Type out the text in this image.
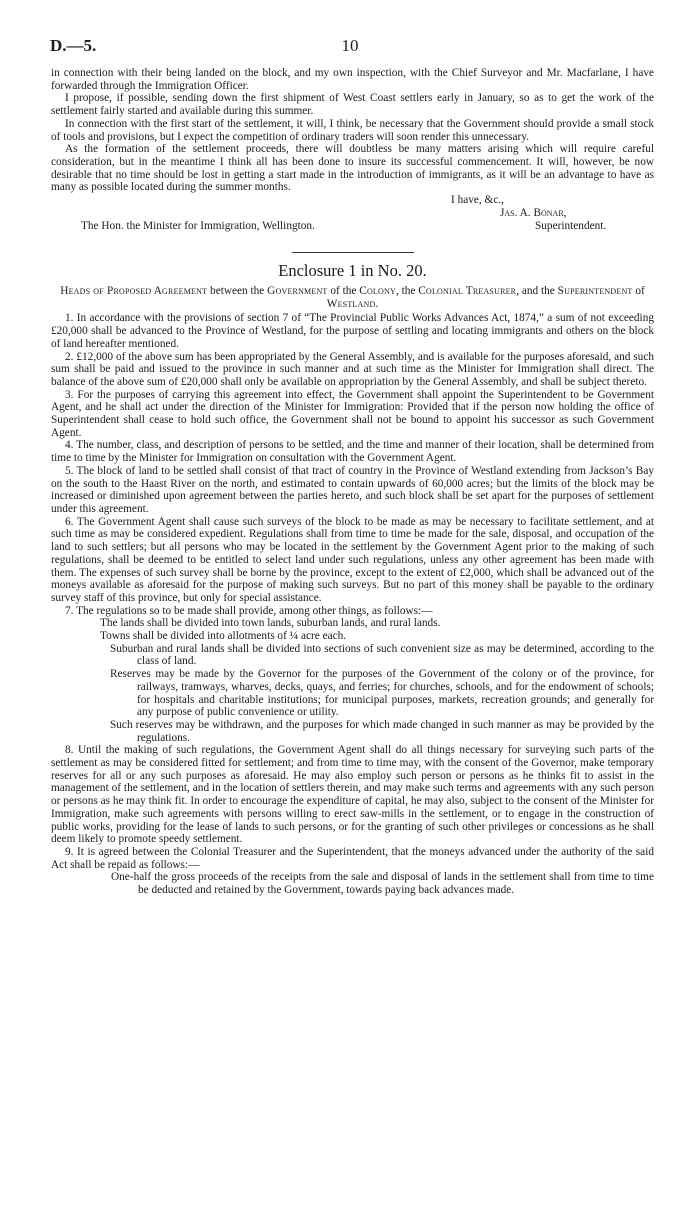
D.—5.	10

in connection with their being landed on the block, and my own inspection, with the Chief Surveyor and Mr. Macfarlane, I have forwarded through the Immigration Officer.

I propose, if possible, sending down the first shipment of West Coast settlers early in January, so as to get the work of the settlement fairly started and available during this summer.

In connection with the first start of the settlement, it will, I think, be necessary that the Government should provide a small stock of tools and provisions, but I expect the competition of ordinary traders will soon render this unnecessary.

As the formation of the settlement proceeds, there will doubtless be many matters arising which will require careful consideration, but in the meantime I think all has been done to insure its successful commencement. It will, however, be now desirable that no time should be lost in getting a start made in the introduction of immigrants, as it will be an advantage to have as many as possible located during the summer months.

I have, &c.,
Jas. A. Bonar,
The Hon. the Minister for Immigration, Wellington.	Superintendent.
Enclosure 1 in No. 20.
Heads of Proposed Agreement between the Government of the Colony, the Colonial Treasurer, and the Superintendent of Westland.

1. In accordance with the provisions of section 7 of “The Provincial Public Works Advances Act, 1874,” a sum of not exceeding £20,000 shall be advanced to the Province of Westland, for the purpose of settling and locating immigrants and others on the block of land hereafter mentioned.

2. £12,000 of the above sum has been appropriated by the General Assembly, and is available for the purposes aforesaid, and such sum shall be paid and issued to the province in such manner and at such time as the Minister for Immigration shall direct. The balance of the above sum of £20,000 shall only be available on appropriation by the General Assembly, and shall be subject thereto.

3. For the purposes of carrying this agreement into effect, the Government shall appoint the Superintendent to be Government Agent, and he shall act under the direction of the Minister for Immigration: Provided that if the person now holding the office of Superintendent shall cease to hold such office, the Government shall not be bound to appoint his successor as such Government Agent.

4. The number, class, and description of persons to be settled, and the time and manner of their location, shall be determined from time to time by the Minister for Immigration on consultation with the Government Agent.

5. The block of land to be settled shall consist of that tract of country in the Province of Westland extending from Jackson’s Bay on the south to the Haast River on the north, and estimated to contain upwards of 60,000 acres; but the limits of the block may be increased or diminished upon agreement between the parties hereto, and such block shall be set apart for the purposes of settlement under this agreement.

6. The Government Agent shall cause such surveys of the block to be made as may be necessary to facilitate settlement, and at such time as may be considered expedient. Regulations shall from time to time be made for the sale, disposal, and occupation of the land to such settlers; but all persons who may be located in the settlement by the Government Agent prior to the making of such regulations, shall be deemed to be entitled to select land under such regulations, unless any other agreement has been made with them. The expenses of such survey shall be borne by the province, except to the extent of £2,000, which shall be advanced out of the moneys available as aforesaid for the purpose of making such surveys. But no part of this money shall be payable to the ordinary survey staff of this province, but only for special assistance.

7. The regulations so to be made shall provide, among other things, as follows:—

The lands shall be divided into town lands, suburban lands, and rural lands.

Towns shall be divided into allotments of ¼ acre each.

Suburban and rural lands shall be divided into sections of such convenient size as may be determined, according to the class of land.

Reserves may be made by the Governor for the purposes of the Government of the colony or of the province, for railways, tramways, wharves, decks, quays, and ferries; for churches, schools, and for the endowment of schools; for hospitals and charitable institutions; for municipal purposes, markets, recreation grounds; and generally for any purpose of public convenience or utility.

Such reserves may be withdrawn, and the purposes for which made changed in such manner as may be provided by the regulations.

8. Until the making of such regulations, the Government Agent shall do all things necessary for surveying such parts of the settlement as may be considered fitted for settlement; and from time to time may, with the consent of the Governor, make temporary reserves for all or any such purposes as aforesaid. He may also employ such person or persons as he thinks fit to assist in the management of the settlement, and in the location of settlers therein, and may make such terms and agreements with any such person or persons as he may think fit. In order to encourage the expenditure of capital, he may also, subject to the consent of the Minister for Immigration, make such agreements with persons willing to erect saw-mills in the settlement, or to engage in the construction of public works, providing for the lease of lands to such persons, or for the granting of such other privileges or concessions as he shall deem likely to promote speedy settlement.

9. It is agreed between the Colonial Treasurer and the Superintendent, that the moneys advanced under the authority of the said Act shall be repaid as follows:—

One-half the gross proceeds of the receipts from the sale and disposal of lands in the settlement shall from time to time be deducted and retained by the Government, towards paying back advances made.
